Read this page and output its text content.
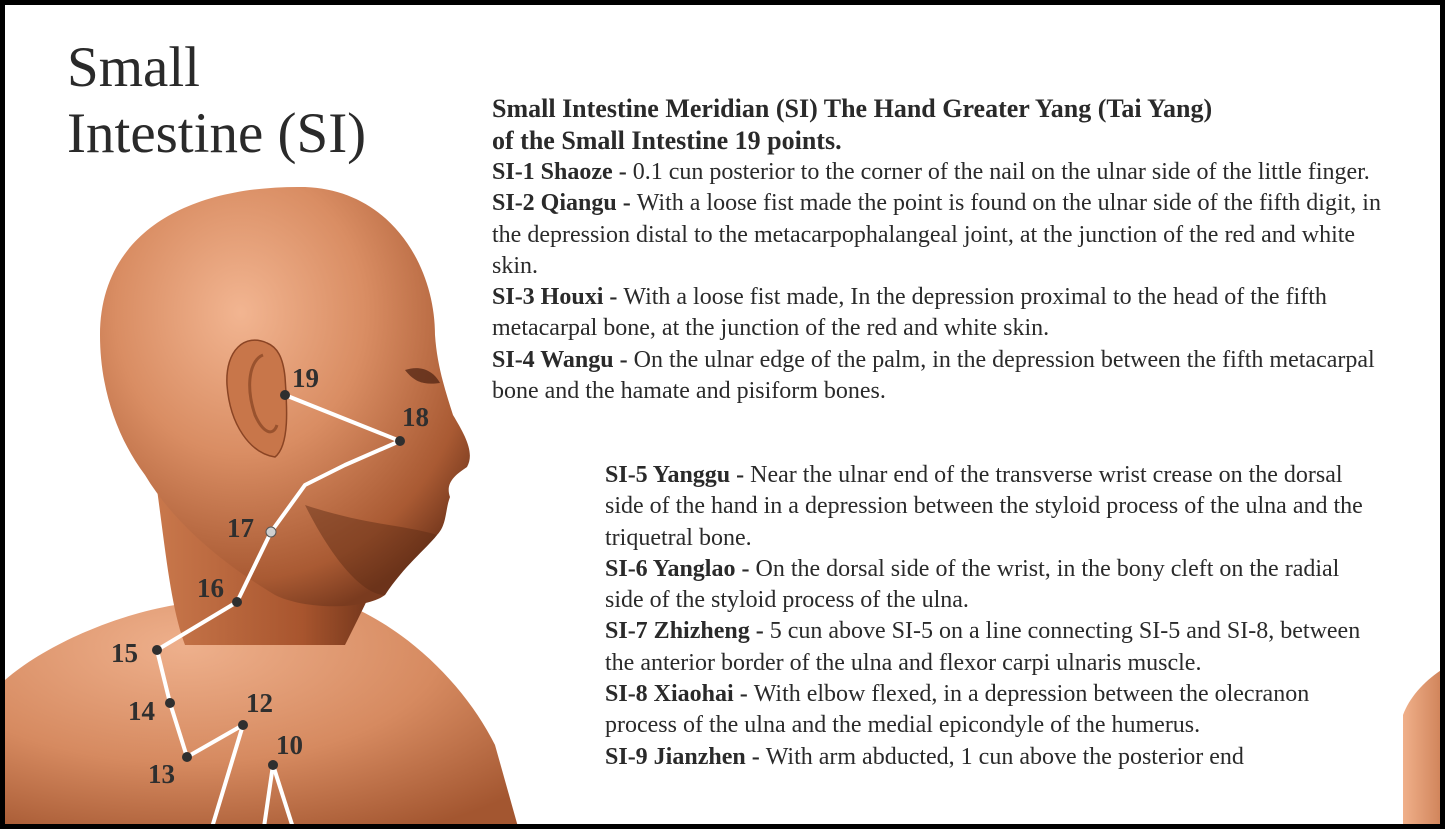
19
18
17
16
15
14
13
12
10
Small
Intestine (SI)	Small Intestine Meridian (SI) The Hand Greater Yang (Tai Yang)
of the Small Intestine 19 points.

SI-1 Shaoze - 0.1 cun posterior to the corner of the nail on the ulnar side of the little finger.

SI-2 Qiangu - With a loose fist made the point is found on the ulnar side of the fifth digit, in the depression distal to the metacarpophalangeal joint, at the junction of the red and white skin.

SI-3 Houxi - With a loose fist made, In the depression proximal to the head of the fifth metacarpal bone, at the junction of the red and white skin.

SI-4 Wangu - On the ulnar edge of the palm, in the depression between the fifth metacarpal bone and the hamate and pisiform bones.

SI-5 Yanggu - Near the ulnar end of the transverse wrist crease on the dorsal side of the hand in a depression between the styloid process of the ulna and the triquetral bone.

SI-6 Yanglao - On the dorsal side of the wrist, in the bony cleft on the radial side of the styloid process of the ulna.

SI-7 Zhizheng - 5 cun above SI-5 on a line connecting SI-5 and SI-8, between the anterior border of the ulna and flexor carpi ulnaris muscle.

SI-8 Xiaohai - With elbow flexed, in a depression between the olecranon process of the ulna and the medial epicondyle of the humerus.

SI-9 Jianzhen - With arm abducted, 1 cun above the posterior end
